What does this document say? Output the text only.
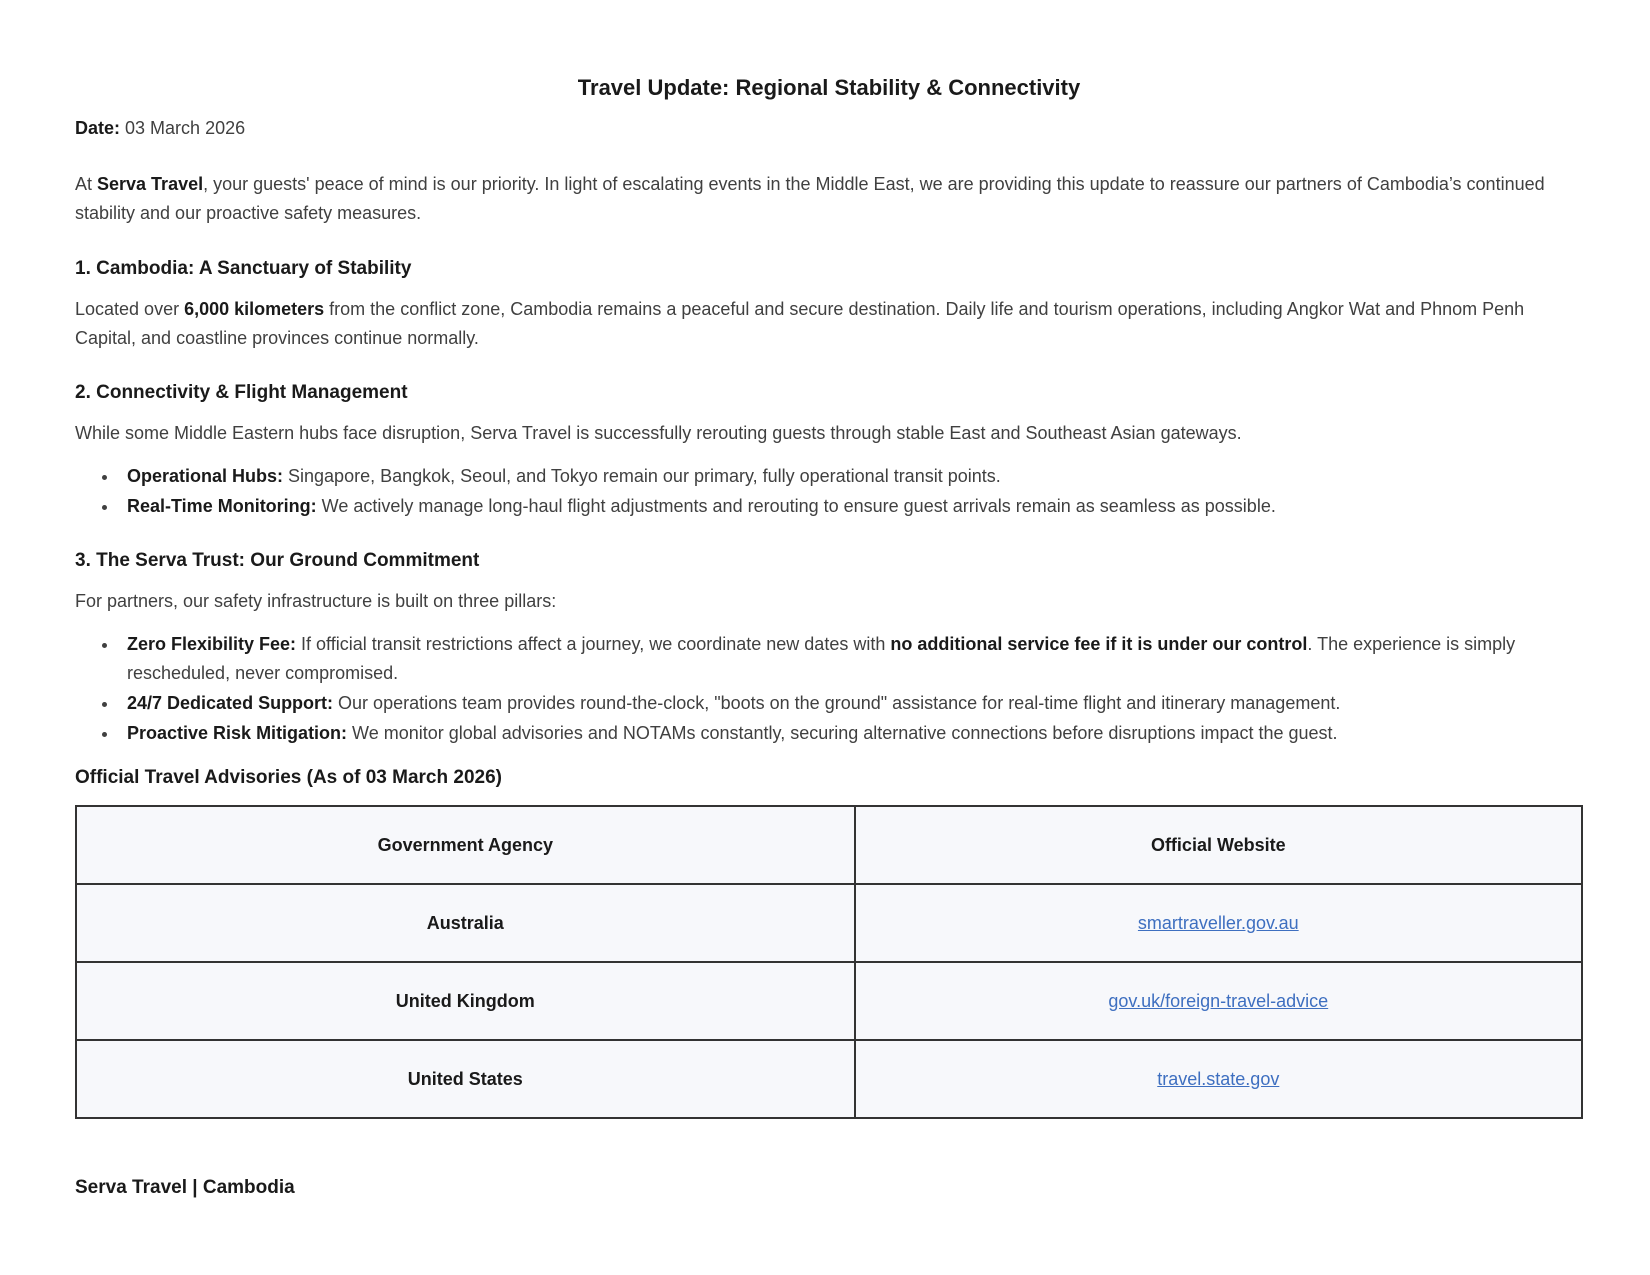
Travel Update: Regional Stability & Connectivity

Date: 03 March 2026

At Serva Travel, your guests' peace of mind is our priority. In light of escalating events in the Middle East, we are providing this update to reassure our partners of Cambodia’s continued stability and our proactive safety measures.

1. Cambodia: A Sanctuary of Stability

Located over 6,000 kilometers from the conflict zone, Cambodia remains a peaceful and secure destination. Daily life and tourism operations, including Angkor Wat and Phnom Penh Capital, and coastline provinces continue normally.

2. Connectivity & Flight Management

While some Middle Eastern hubs face disruption, Serva Travel is successfully rerouting guests through stable East and Southeast Asian gateways.

• Operational Hubs: Singapore, Bangkok, Seoul, and Tokyo remain our primary, fully operational transit points.
• Real-Time Monitoring: We actively manage long-haul flight adjustments and rerouting to ensure guest arrivals remain as seamless as possible.
3. The Serva Trust: Our Ground Commitment

For partners, our safety infrastructure is built on three pillars:

• Zero Flexibility Fee: If official transit restrictions affect a journey, we coordinate new dates with no additional service fee if it is under our control. The experience is simply rescheduled, never compromised.
• 24/7 Dedicated Support: Our operations team provides round-the-clock, "boots on the ground" assistance for real-time flight and itinerary management.
• Proactive Risk Mitigation: We monitor global advisories and NOTAMs constantly, securing alternative connections before disruptions impact the guest.
Official Travel Advisories (As of 03 March 2026)
Government Agency	Official Website
Australia	smartraveller.gov.au
United Kingdom	gov.uk/foreign-travel-advice
United States	travel.state.gov

Serva Travel | Cambodia
